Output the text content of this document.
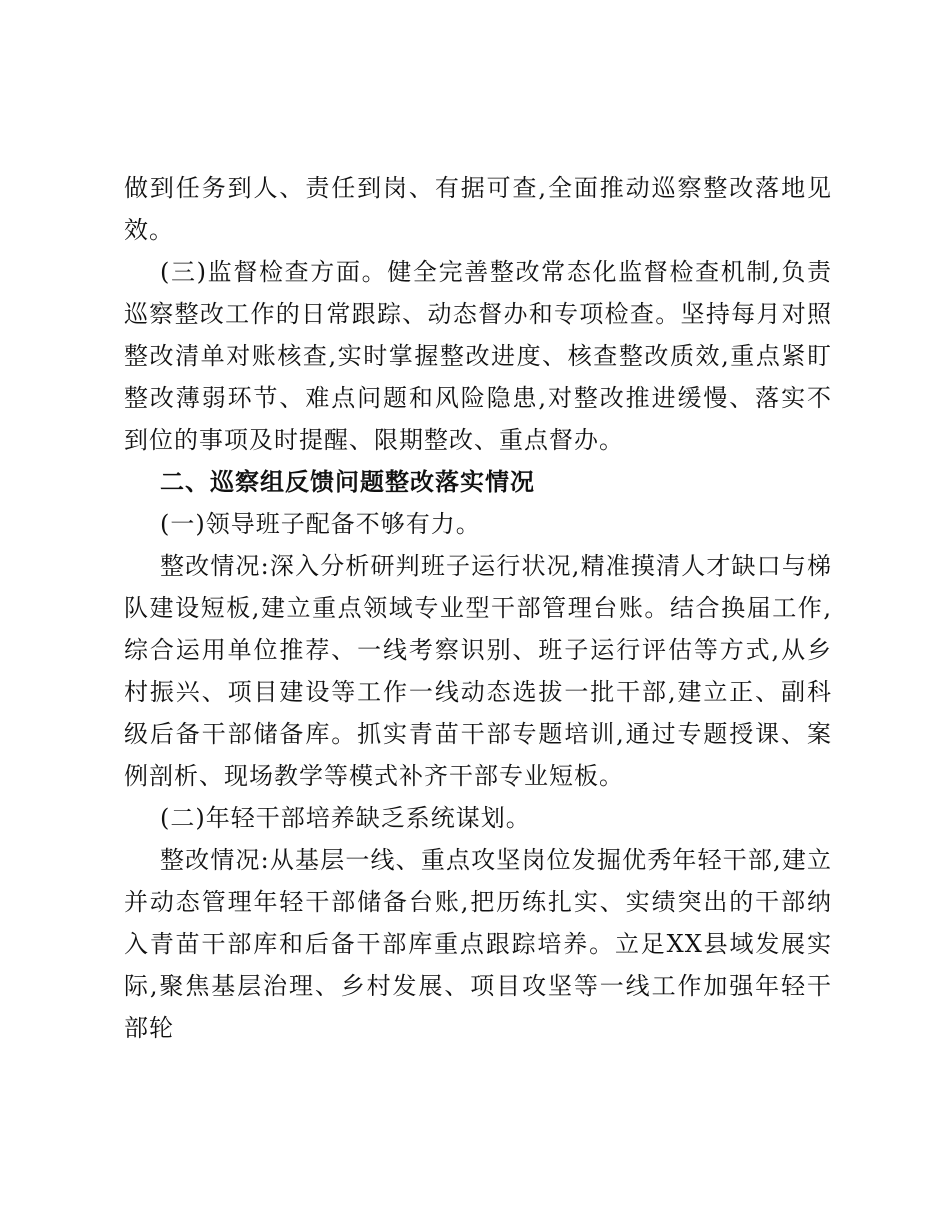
做到任务到人、责任到岗、有据可查,全面推动巡察整改落地见效。

(三)监督检查方面。健全完善整改常态化监督检查机制,负责巡察整改工作的日常跟踪、动态督办和专项检查。坚持每月对照整改清单对账核查,实时掌握整改进度、核查整改质效,重点紧盯整改薄弱环节、难点问题和风险隐患,对整改推进缓慢、落实不到位的事项及时提醒、限期整改、重点督办。

二、巡察组反馈问题整改落实情况

(一)领导班子配备不够有力。

整改情况:深入分析研判班子运行状况,精准摸清人才缺口与梯队建设短板,建立重点领域专业型干部管理台账。结合换届工作,综合运用单位推荐、一线考察识别、班子运行评估等方式,从乡村振兴、项目建设等工作一线动态选拔一批干部,建立正、副科级后备干部储备库。抓实青苗干部专题培训,通过专题授课、案例剖析、现场教学等模式补齐干部专业短板。

(二)年轻干部培养缺乏系统谋划。

整改情况:从基层一线、重点攻坚岗位发掘优秀年轻干部,建立并动态管理年轻干部储备台账,把历练扎实、实绩突出的干部纳入青苗干部库和后备干部库重点跟踪培养。立足XX县域发展实际,聚焦基层治理、乡村发展、项目攻坚等一线工作加强年轻干部轮
